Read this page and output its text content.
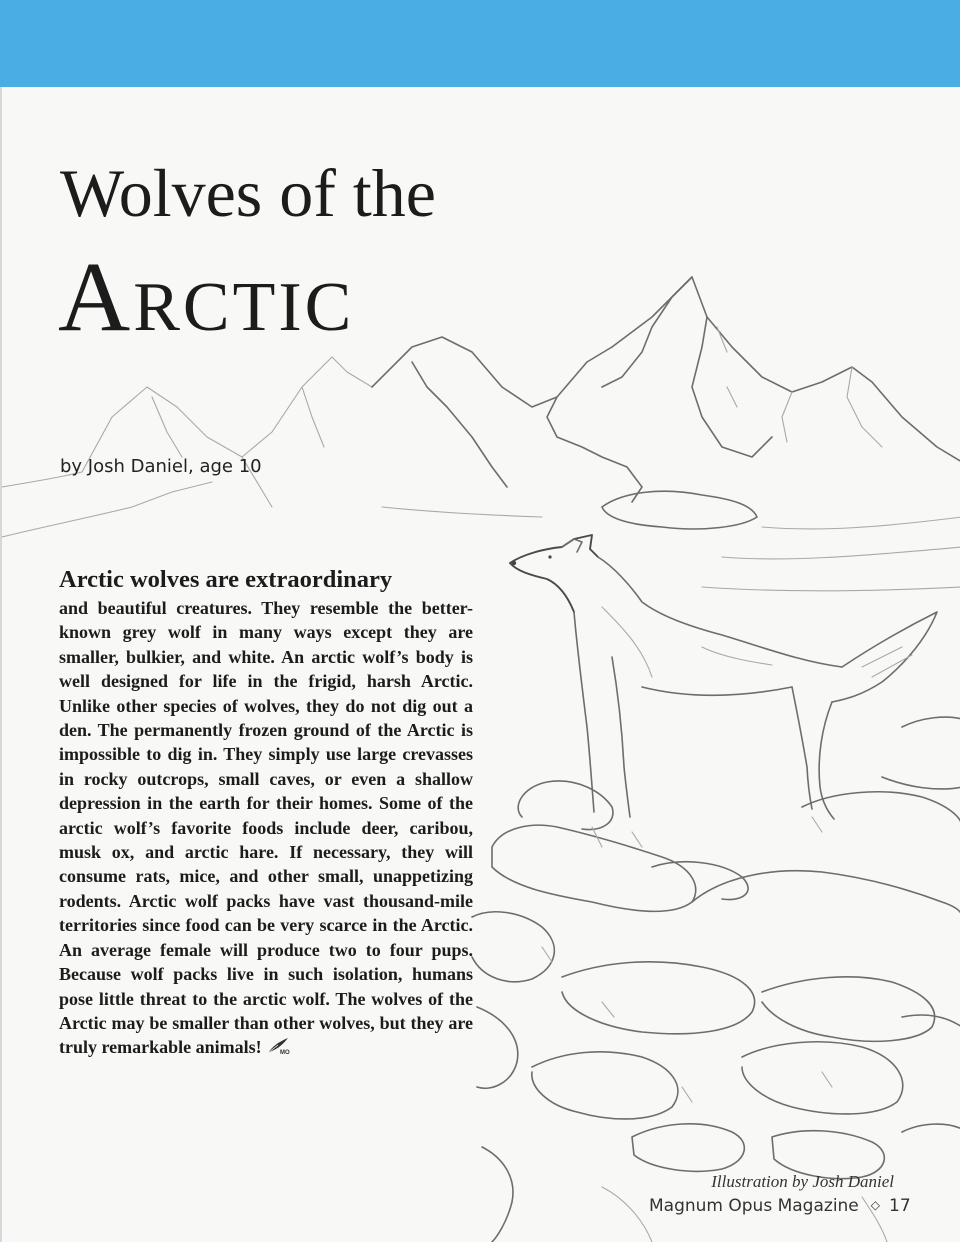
Wolves of the
Arctic
by Josh Daniel, age 10
Arctic wolves are extraordinary
and beautiful creatures. They resemble the better-known grey wolf in many ways except they are smaller, bulkier, and white. An arctic wolf’s body is well designed for life in the frigid, harsh Arctic. Unlike other species of wolves, they do not dig out a den. The permanently frozen ground of the Arctic is impossible to dig in. They simply use large crevasses in rocky outcrops, small caves, or even a shallow depression in the earth for their homes. Some of the arctic wolf’s favorite foods include deer, caribou, musk ox, and arctic hare. If necessary, they will consume rats, mice, and other small, unappetizing rodents. Arctic wolf packs have vast thousand-mile territories since food can be very scarce in the Arctic. An average female will produce two to four pups. Because wolf packs live in such isolation, humans pose little threat to the arctic wolf. The wolves of the Arctic may be smaller than other wolves, but they are truly remarkable animals!	MO
Illustration by Josh Daniel
Magnum Opus Magazine ◇ 17
